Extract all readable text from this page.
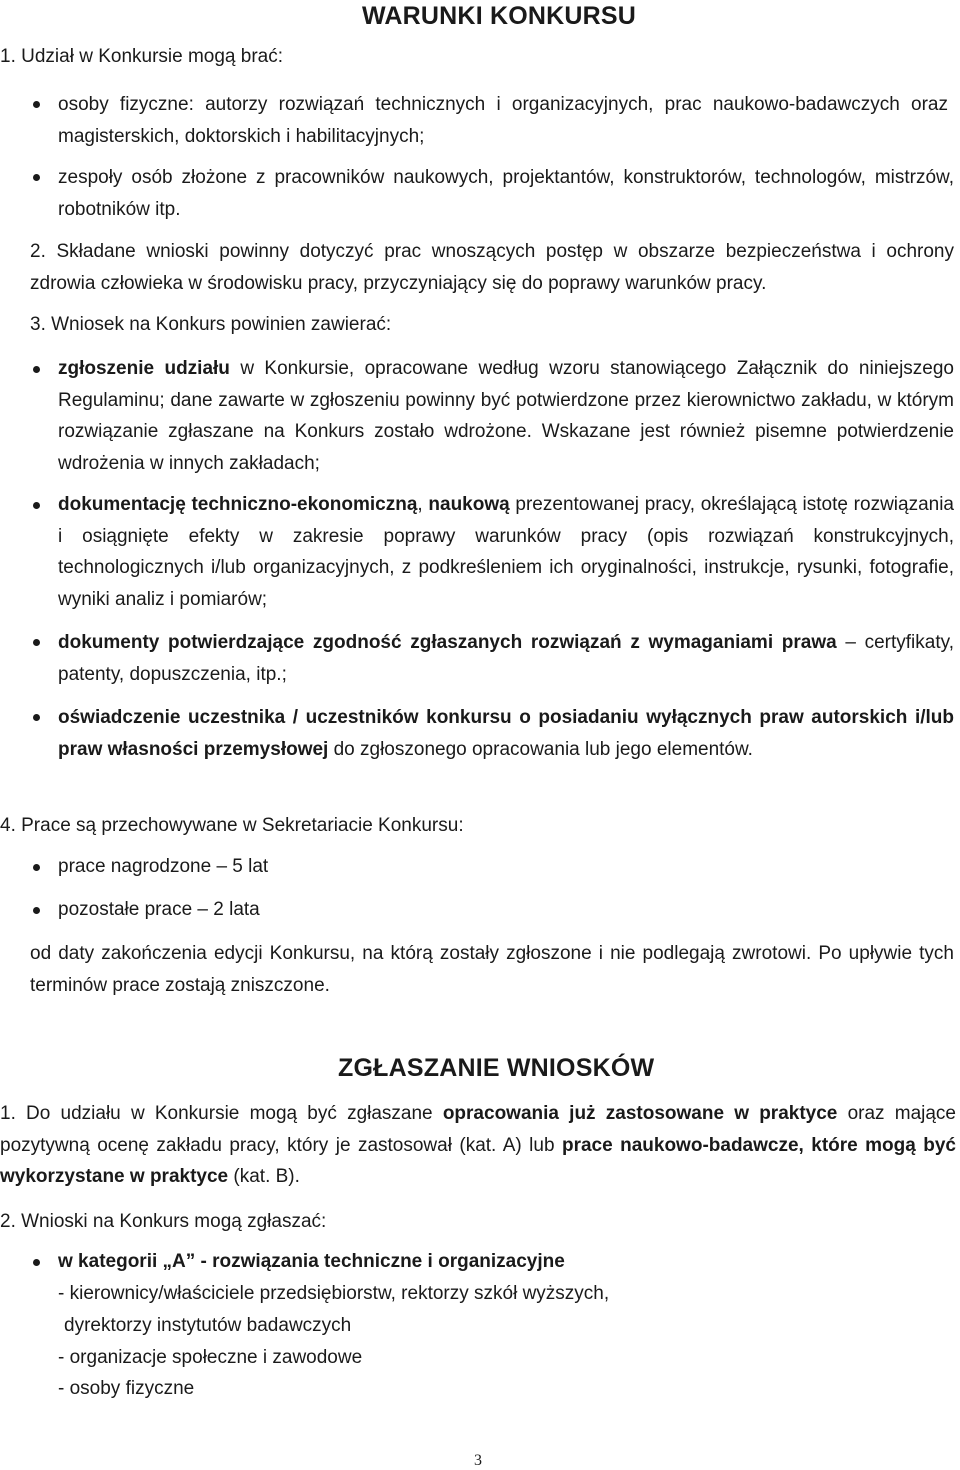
WARUNKI KONKURSU
1. Udział w Konkursie mogą brać:
osoby fizyczne: autorzy rozwiązań technicznych i organizacyjnych, prac naukowo-badawczych oraz magisterskich, doktorskich i habilitacyjnych;
zespoły osób złożone z pracowników naukowych, projektantów, konstruktorów, technologów, mistrzów, robotników itp.
2. Składane wnioski powinny dotyczyć prac wnoszących postęp w obszarze bezpieczeństwa i ochrony zdrowia człowieka w środowisku pracy, przyczyniający się do poprawy warunków pracy.
3. Wniosek na Konkurs powinien zawierać:
zgłoszenie udziału w Konkursie, opracowane według wzoru stanowiącego Załącznik do niniejszego Regulaminu; dane zawarte w zgłoszeniu powinny być potwierdzone przez kierownictwo zakładu, w którym rozwiązanie zgłaszane na Konkurs zostało wdrożone. Wskazane jest również pisemne potwierdzenie wdrożenia w innych zakładach;
dokumentację techniczno-ekonomiczną, naukową prezentowanej pracy, określającą istotę rozwiązania i osiągnięte efekty w zakresie poprawy warunków pracy (opis rozwiązań konstrukcyjnych, technologicznych i/lub organizacyjnych, z podkreśleniem ich oryginalności, instrukcje, rysunki, fotografie, wyniki analiz i pomiarów;
dokumenty potwierdzające zgodność zgłaszanych rozwiązań z wymaganiami prawa – certyfikaty, patenty, dopuszczenia, itp.;
oświadczenie uczestnika / uczestników konkursu o posiadaniu wyłącznych praw autorskich i/lub praw własności przemysłowej do zgłoszonego opracowania lub jego elementów.
4. Prace są przechowywane w Sekretariacie Konkursu:
prace nagrodzone – 5 lat
pozostałe prace – 2 lata
od daty zakończenia edycji Konkursu, na którą zostały zgłoszone i nie podlegają zwrotowi. Po upływie tych terminów prace zostają zniszczone.
ZGŁASZANIE WNIOSKÓW
1. Do udziału w Konkursie mogą być zgłaszane opracowania już zastosowane w praktyce oraz mające pozytywną ocenę zakładu pracy, który je zastosował (kat. A) lub prace naukowo-badawcze, które mogą być wykorzystane w praktyce (kat. B).
2. Wnioski na Konkurs mogą zgłaszać:
w kategorii „A” - rozwiązania techniczne i organizacyjne
- kierownicy/właściciele przedsiębiorstw, rektorzy szkół wyższych,
dyrektorzy instytutów badawczych
- organizacje społeczne i zawodowe
- osoby fizyczne
3
